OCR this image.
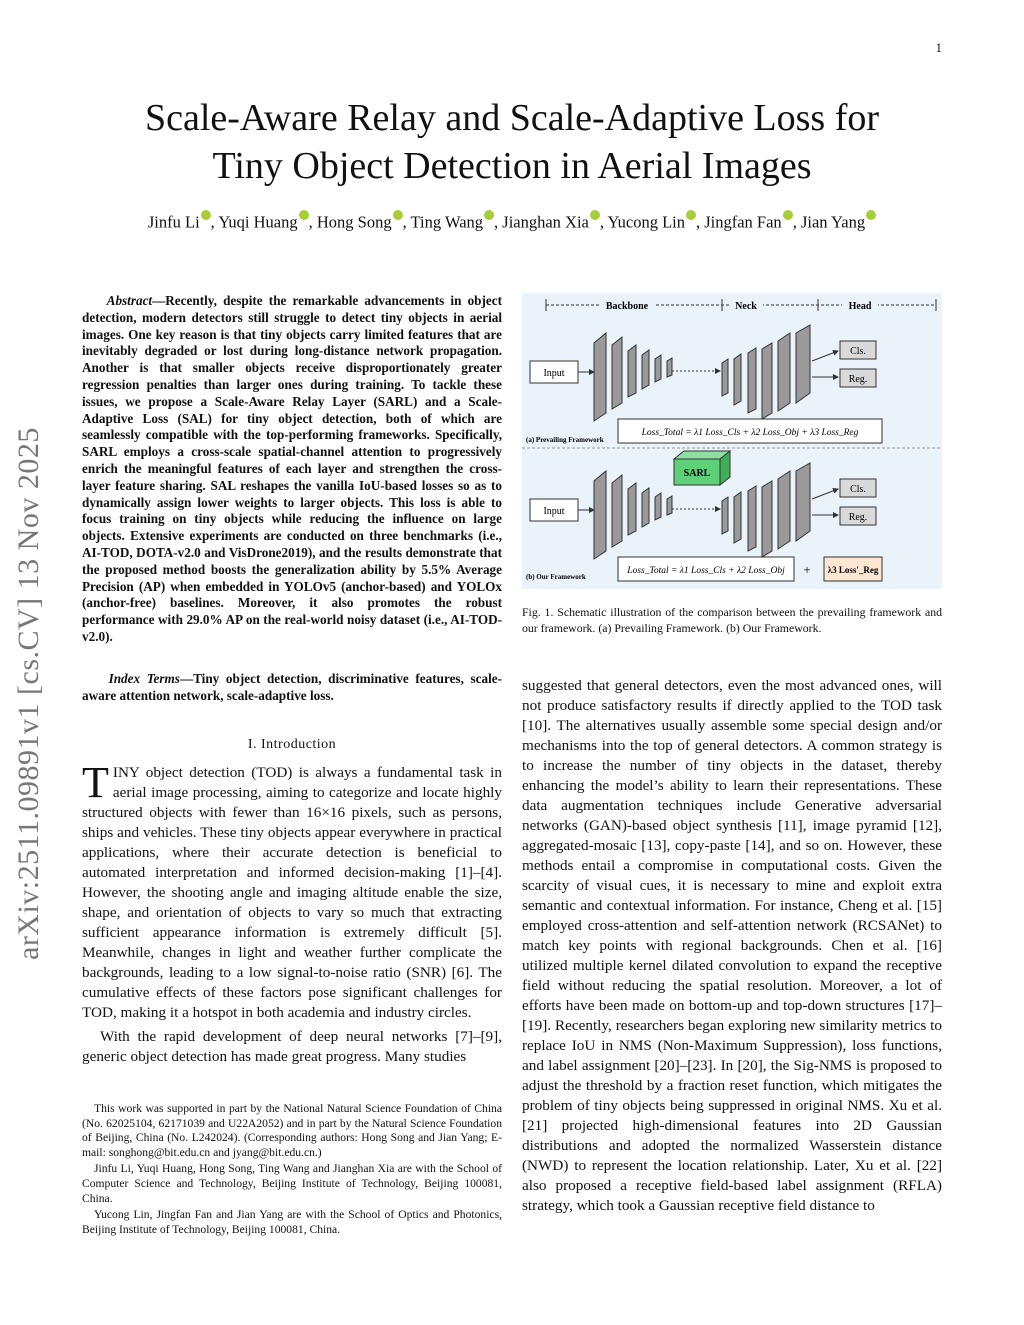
1
arXiv:2511.09891v1 [cs.CV] 13 Nov 2025
Scale-Aware Relay and Scale-Adaptive Loss for
Tiny Object Detection in Aerial Images
Jinfu Li , Yuqi Huang , Hong Song , Ting Wang , Jianghan Xia , Yucong Lin , Jingfan Fan , Jian Yang
Abstract—Recently, despite the remarkable advancements in object detection, modern detectors still struggle to detect tiny objects in aerial images. One key reason is that tiny objects carry limited features that are inevitably degraded or lost during long-distance network propagation. Another is that smaller objects receive disproportionately greater regression penalties than larger ones during training. To tackle these issues, we propose a Scale-Aware Relay Layer (SARL) and a Scale-Adaptive Loss (SAL) for tiny object detection, both of which are seamlessly compatible with the top-performing frameworks. Specifically, SARL employs a cross-scale spatial-channel attention to progressively enrich the meaningful features of each layer and strengthen the cross-layer feature sharing. SAL reshapes the vanilla IoU-based losses so as to dynamically assign lower weights to larger objects. This loss is able to focus training on tiny objects while reducing the influence on large objects. Extensive experiments are conducted on three benchmarks (i.e., AI-TOD, DOTA-v2.0 and VisDrone2019), and the results demonstrate that the proposed method boosts the generalization ability by 5.5% Average Precision (AP) when embedded in YOLOv5 (anchor-based) and YOLOx (anchor-free) baselines. Moreover, it also promotes the robust performance with 29.0% AP on the real-world noisy dataset (i.e., AI-TOD-v2.0).
Index Terms—Tiny object detection, discriminative features, scale-aware attention network, scale-adaptive loss.
I. Introduction

TINY object detection (TOD) is always a fundamental task in aerial image processing, aiming to categorize and locate highly structured objects with fewer than 16×16 pixels, such as persons, ships and vehicles. These tiny objects appear everywhere in practical applications, where their accurate detection is beneficial to automated interpretation and informed decision-making [1]–[4]. However, the shooting angle and imaging altitude enable the size, shape, and orientation of objects to vary so much that extracting sufficient appearance information is extremely difficult [5]. Meanwhile, changes in light and weather further complicate the backgrounds, leading to a low signal-to-noise ratio (SNR) [6]. The cumulative effects of these factors pose significant challenges for TOD, making it a hotspot in both academia and industry circles.

With the rapid development of deep neural networks [7]–[9], generic object detection has made great progress. Many studies

This work was supported in part by the National Natural Science Foundation of China (No. 62025104, 62171039 and U22A2052) and in part by the Natural Science Foundation of Beijing, China (No. L242024). (Corresponding authors: Hong Song and Jian Yang; E-mail: songhong@bit.edu.cn and jyang@bit.edu.cn.)

Jinfu Li, Yuqi Huang, Hong Song, Ting Wang and Jianghan Xia are with the School of Computer Science and Technology, Beijing Institute of Technology, Beijing 100081, China.

Yucong Lin, Jingfan Fan and Jian Yang are with the School of Optics and Photonics, Beijing Institute of Technology, Beijing 100081, China.

Backbone	Neck	Head
Input
Cls.
Reg.
Loss_Total = λ1 Loss_Cls + λ2 Loss_Obj + λ3 Loss_Reg
(a) Prevailing Framework
Input
SARL
Cls.
Reg.
Loss_Total = λ1 Loss_Cls + λ2 Loss_Obj + λ3 Loss'_Reg
(b) Our Framework
Fig. 1. Schematic illustration of the comparison between the prevailing framework and our framework. (a) Prevailing Framework. (b) Our Framework.
suggested that general detectors, even the most advanced ones, will not produce satisfactory results if directly applied to the TOD task [10]. The alternatives usually assemble some special design and/or mechanisms into the top of general detectors. A common strategy is to increase the number of tiny objects in the dataset, thereby enhancing the model’s ability to learn their representations. These data augmentation techniques include Generative adversarial networks (GAN)-based object synthesis [11], image pyramid [12], aggregated-mosaic [13], copy-paste [14], and so on. However, these methods entail a compromise in computational costs. Given the scarcity of visual cues, it is necessary to mine and exploit extra semantic and contextual information. For instance, Cheng et al. [15] employed cross-attention and self-attention network (RCSANet) to match key points with regional backgrounds. Chen et al. [16] utilized multiple kernel dilated convolution to expand the receptive field without reducing the spatial resolution. Moreover, a lot of efforts have been made on bottom-up and top-down structures [17]–[19]. Recently, researchers began exploring new similarity metrics to replace IoU in NMS (Non-Maximum Suppression), loss functions, and label assignment [20]–[23]. In [20], the Sig-NMS is proposed to adjust the threshold by a fraction reset function, which mitigates the problem of tiny objects being suppressed in original NMS. Xu et al. [21] projected high-dimensional features into 2D Gaussian distributions and adopted the normalized Wasserstein distance (NWD) to represent the location relationship. Later, Xu et al. [22] also proposed a receptive field-based label assignment (RFLA) strategy, which took a Gaussian receptive field distance to
